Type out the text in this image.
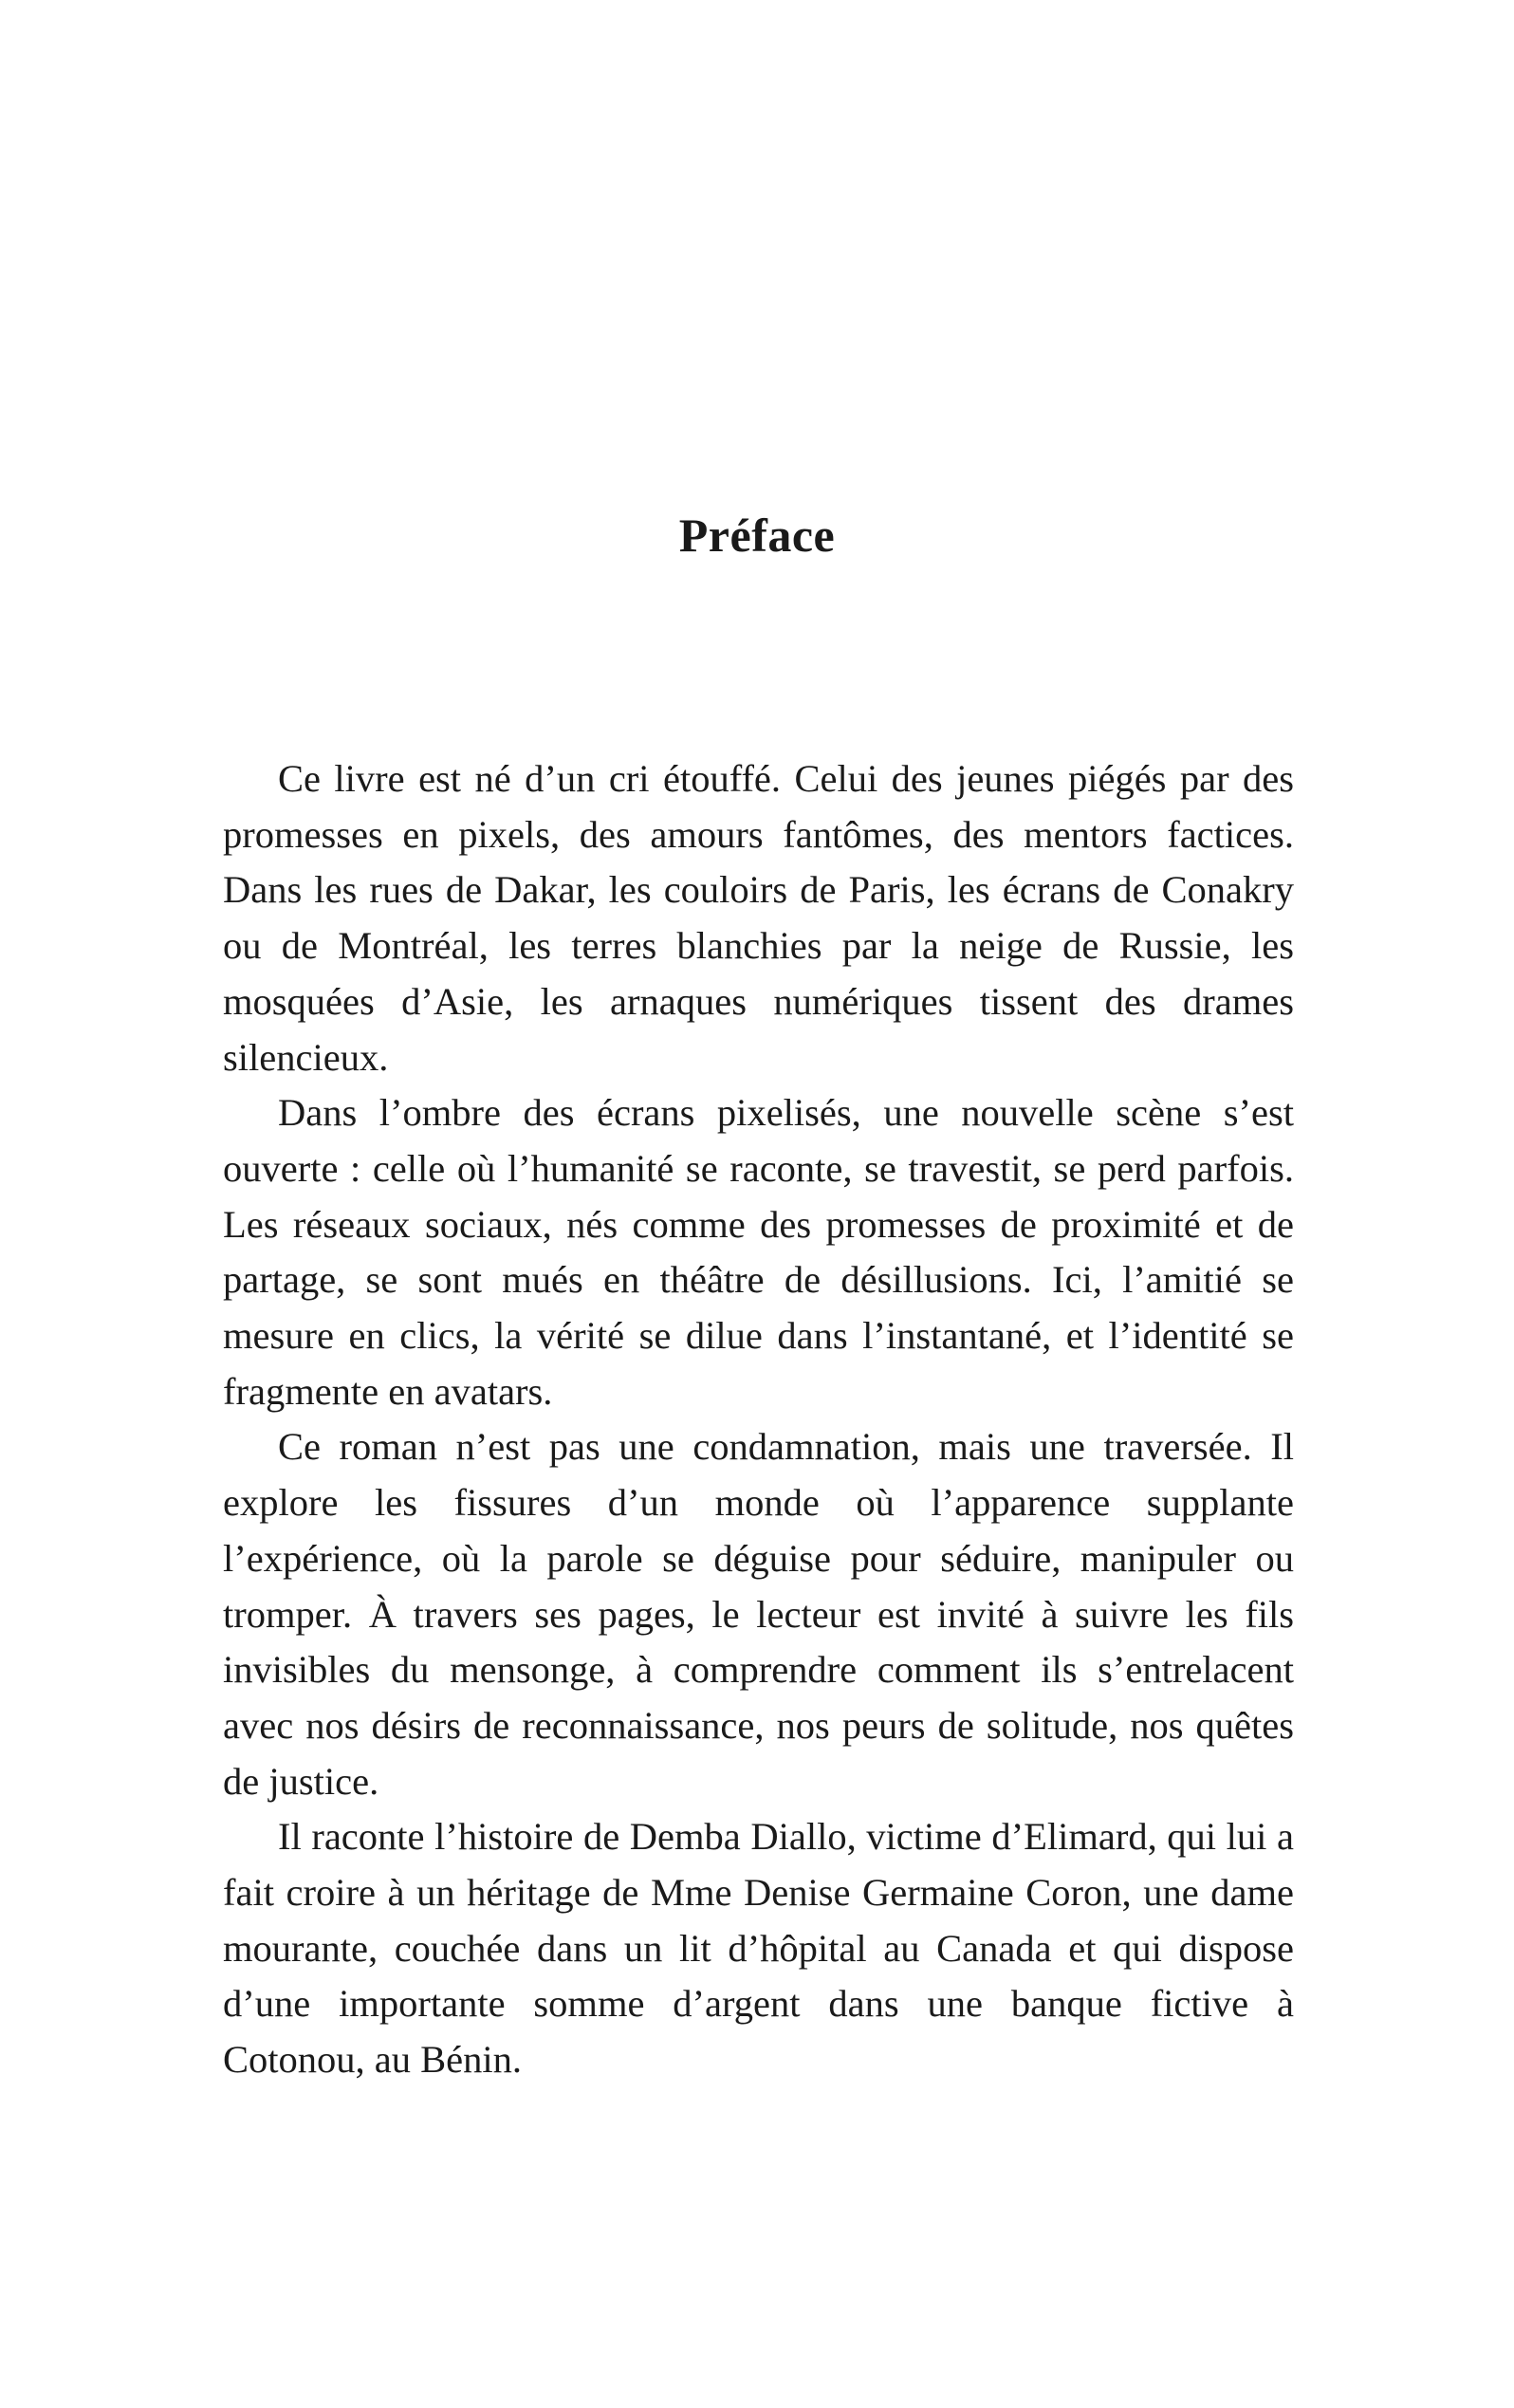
Préface

Ce livre est né d’un cri étouffé. Celui des jeunes piégés par des promesses en pixels, des amours fantômes, des mentors factices. Dans les rues de Dakar, les couloirs de Paris, les écrans de Conakry ou de Montréal, les terres blanchies par la neige de Russie, les mosquées d’Asie, les arnaques numériques tissent des drames silencieux.

Dans l’ombre des écrans pixelisés, une nouvelle scène s’est ouverte : celle où l’humanité se raconte, se travestit, se perd parfois. Les réseaux sociaux, nés comme des promesses de proximité et de partage, se sont mués en théâtre de désillusions. Ici, l’amitié se mesure en clics, la vérité se dilue dans l’instantané, et l’identité se fragmente en avatars.

Ce roman n’est pas une condamnation, mais une traversée. Il explore les fissures d’un monde où l’apparence supplante l’expérience, où la parole se déguise pour séduire, manipuler ou tromper. À travers ses pages, le lecteur est invité à suivre les fils invisibles du mensonge, à comprendre comment ils s’entrelacent avec nos désirs de reconnaissance, nos peurs de solitude, nos quêtes de justice.

Il raconte l’histoire de Demba Diallo, victime d’Elimard, qui lui a fait croire à un héritage de Mme Denise Germaine Coron, une dame mourante, couchée dans un lit d’hôpital au Canada et qui dispose d’une importante somme d’argent dans une banque fictive à Cotonou, au Bénin.
